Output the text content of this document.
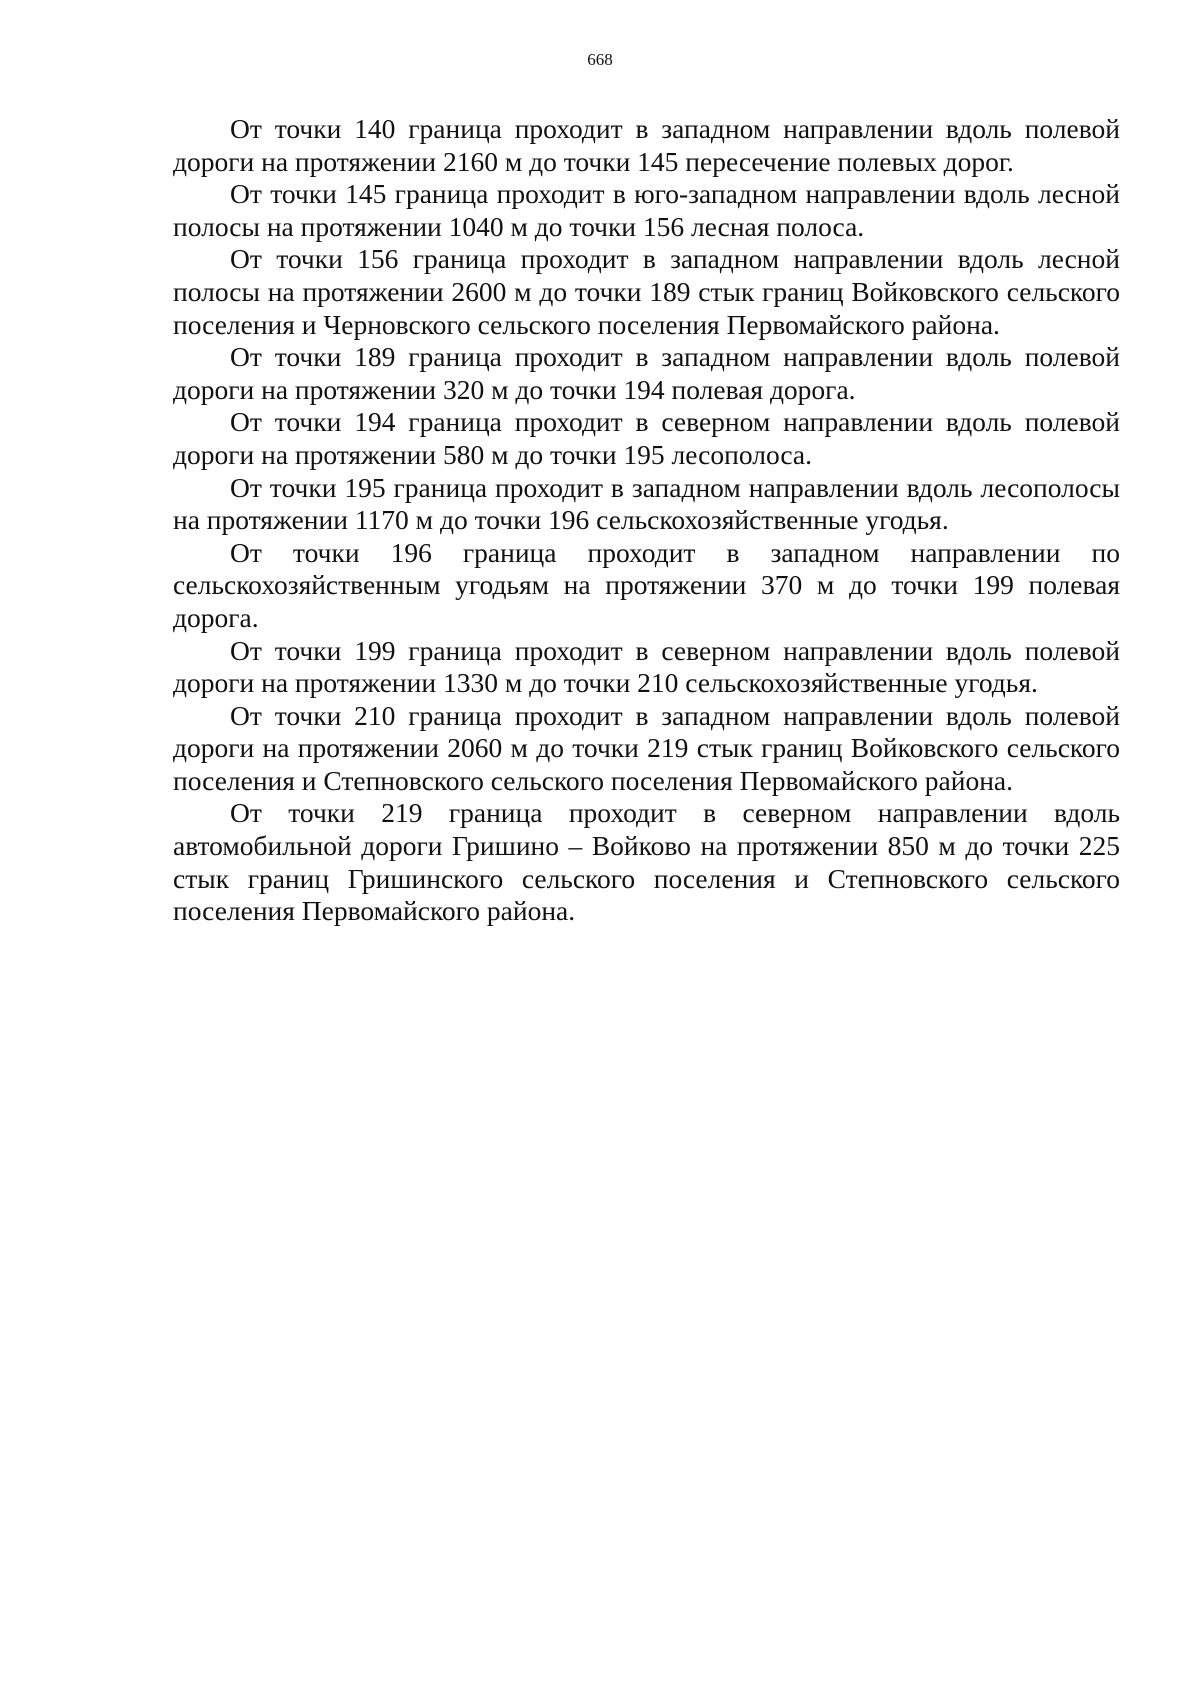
668

От точки 140 граница проходит в западном направлении вдоль полевой дороги на протяжении 2160 м до точки 145 пересечение полевых дорог.

От точки 145 граница проходит в юго-западном направлении вдоль лесной полосы на протяжении 1040 м до точки 156 лесная полоса.

От точки 156 граница проходит в западном направлении вдоль лесной полосы на протяжении 2600 м до точки 189 стык границ Войковского сельского поселения и Черновского сельского поселения Первомайского района.

От точки 189 граница проходит в западном направлении вдоль полевой дороги на протяжении 320 м до точки 194 полевая дорога.

От точки 194 граница проходит в северном направлении вдоль полевой дороги на протяжении 580 м до точки 195 лесополоса.

От точки 195 граница проходит в западном направлении вдоль лесополосы на протяжении 1170 м до точки 196 сельскохозяйственные угодья.

От точки 196 граница проходит в западном направлении по сельскохозяйственным угодьям на протяжении 370 м до точки 199 полевая дорога.

От точки 199 граница проходит в северном направлении вдоль полевой дороги на протяжении 1330 м до точки 210 сельскохозяйственные угодья.

От точки 210 граница проходит в западном направлении вдоль полевой дороги на протяжении 2060 м до точки 219 стык границ Войковского сельского поселения и Степновского сельского поселения Первомайского района.

От точки 219 граница проходит в северном направлении вдоль автомобильной дороги Гришино – Войково на протяжении 850 м до точки 225 стык границ Гришинского сельского поселения и Степновского сельского поселения Первомайского района.
